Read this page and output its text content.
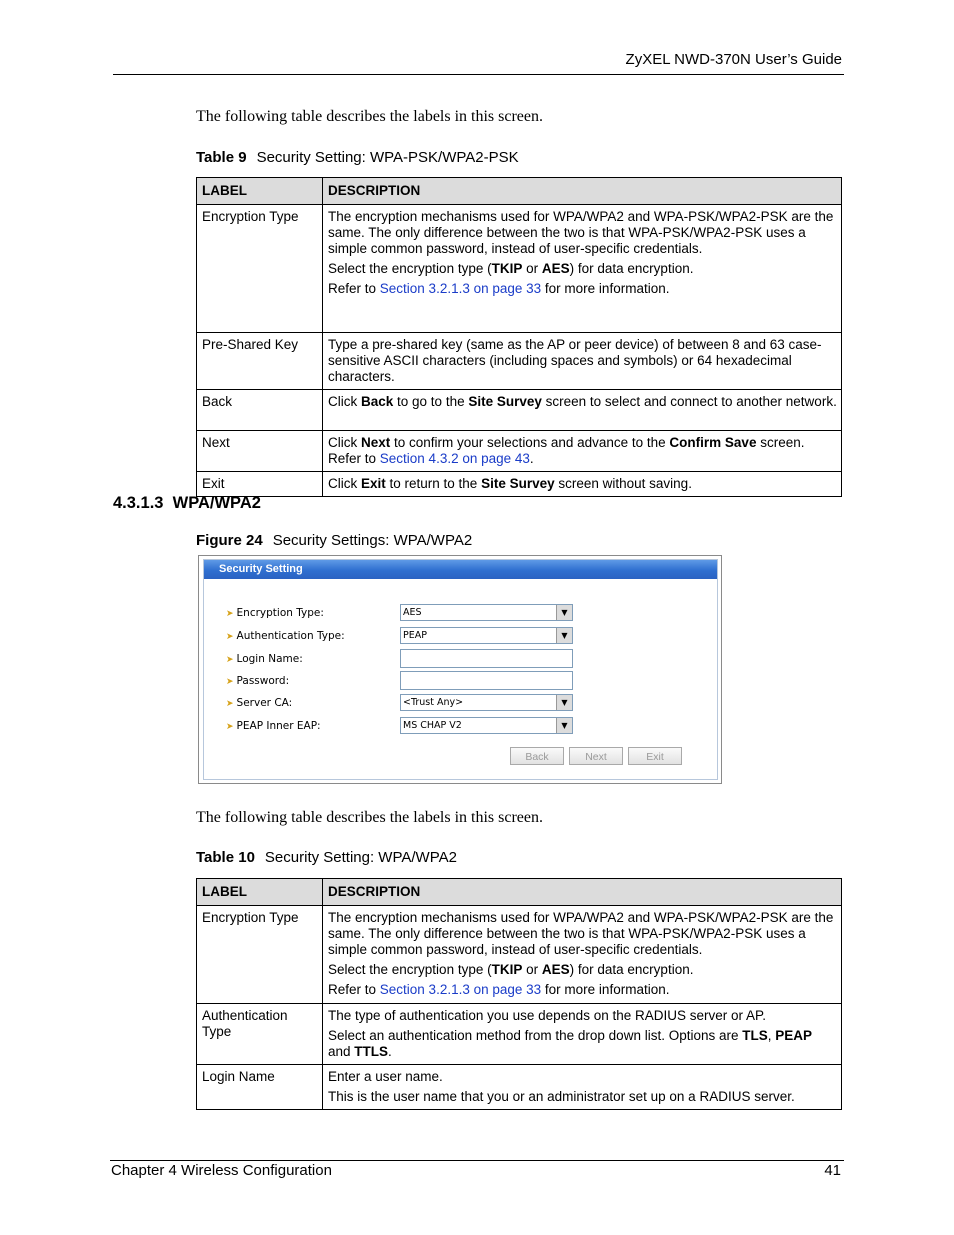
ZyXEL NWD-370N User’s Guide
The following table describes the labels in this screen.
Table 9 Security Setting: WPA-PSK/WPA2-PSK
LABEL	DESCRIPTION
Encryption Type	The encryption mechanisms used for WPA/WPA2 and WPA-PSK/WPA2-PSK are the same. The only difference between the two is that WPA-PSK/WPA2-PSK uses a simple common password, instead of user-specific credentials.

Select the encryption type (TKIP or AES) for data encryption.

Refer to Section 3.2.1.3 on page 33 for more information.

Pre-Shared Key	Type a pre-shared key (same as the AP or peer device) of between 8 and 63 case-sensitive ASCII characters (including spaces and symbols) or 64 hexadecimal characters.

Back	Click Back to go to the Site Survey screen to select and connect to another network.

Next	Click Next to confirm your selections and advance to the Confirm Save screen.
Refer to Section 4.3.2 on page 43.

Exit	Click Exit to return to the Site Survey screen without saving.

4.3.1.3  WPA/WPA2
Figure 24 Security Settings: WPA/WPA2
Security Setting
➤ Encryption Type:	AES	▼
➤ Authentication Type:	PEAP	▼
➤ Login Name:
➤ Password:
➤ Server CA:	<Trust Any>	▼
➤ PEAP Inner EAP:	MS CHAP V2	▼
Back	Next	Exit
The following table describes the labels in this screen.
Table 10 Security Setting: WPA/WPA2
LABEL	DESCRIPTION
Encryption Type	The encryption mechanisms used for WPA/WPA2 and WPA-PSK/WPA2-PSK are the same. The only difference between the two is that WPA-PSK/WPA2-PSK uses a simple common password, instead of user-specific credentials.

Select the encryption type (TKIP or AES) for data encryption.

Refer to Section 3.2.1.3 on page 33 for more information.

Authentication Type	The type of authentication you use depends on the RADIUS server or AP.

Select an authentication method from the drop down list. Options are TLS, PEAP and TTLS.

Login Name	Enter a user name.

This is the user name that you or an administrator set up on a RADIUS server.

Chapter 4 Wireless Configuration	41
